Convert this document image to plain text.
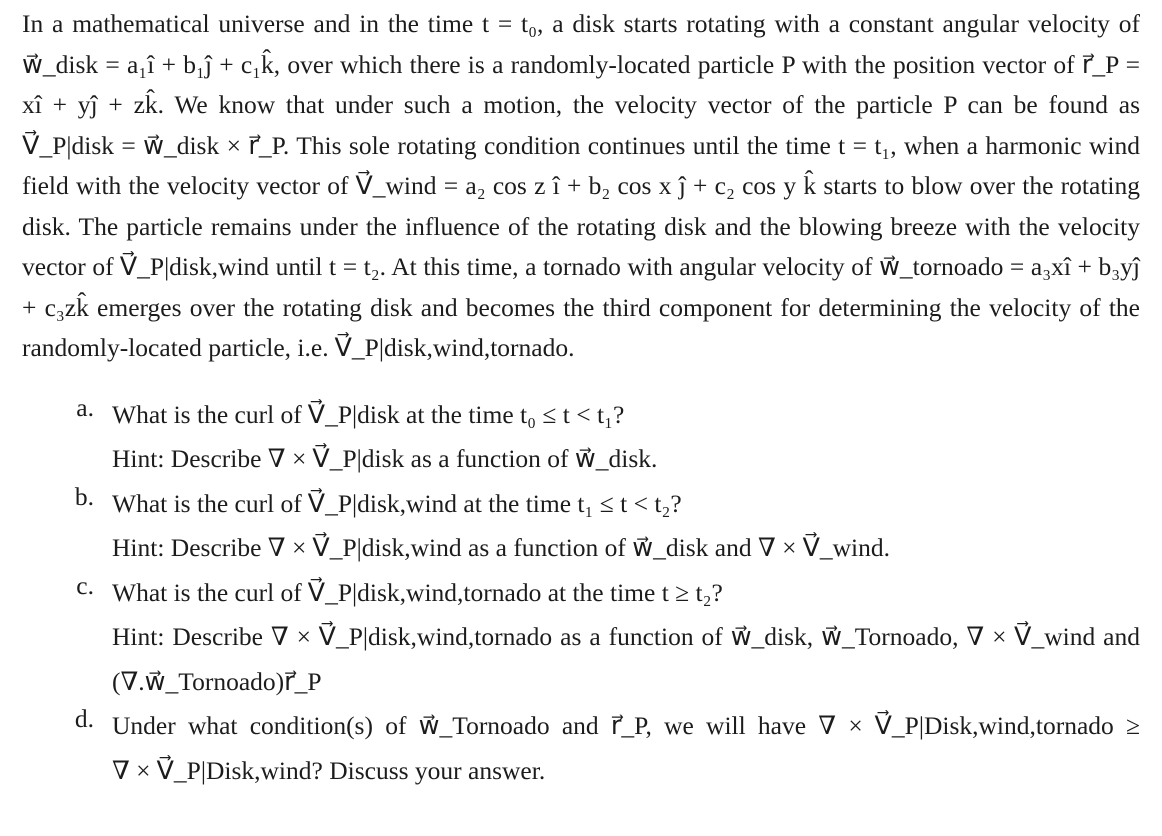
In a mathematical universe and in the time t = t₀, a disk starts rotating with a constant angular velocity of w⃗_disk = a₁î + b₁ĵ + c₁k̂, over which there is a randomly-located particle P with the position vector of r⃗_P = xî + yĵ + zk̂. We know that under such a motion, the velocity vector of the particle P can be found as V⃗_P|disk = w⃗_disk × r⃗_P. This sole rotating condition continues until the time t = t₁, when a harmonic wind field with the velocity vector of V⃗_wind = a₂ cos z î + b₂ cos x ĵ + c₂ cos y k̂ starts to blow over the rotating disk. The particle remains under the influence of the rotating disk and the blowing breeze with the velocity vector of V⃗_P|disk,wind until t = t₂. At this time, a tornado with angular velocity of w⃗_tornoado = a₃xî + b₃yĵ + c₃zk̂ emerges over the rotating disk and becomes the third component for determining the velocity of the randomly-located particle, i.e. V⃗_P|disk,wind,tornado.

a. What is the curl of V⃗_P|disk at the time t₀ ≤ t < t₁?

Hint: Describe ∇ × V⃗_P|disk as a function of w⃗_disk.

b. What is the curl of V⃗_P|disk,wind at the time t₁ ≤ t < t₂?

Hint: Describe ∇ × V⃗_P|disk,wind as a function of w⃗_disk and ∇ × V⃗_wind.

c. What is the curl of V⃗_P|disk,wind,tornado at the time t ≥ t₂?

Hint: Describe ∇ × V⃗_P|disk,wind,tornado as a function of w⃗_disk, w⃗_Tornoado, ∇ × V⃗_wind and

(∇.w⃗_Tornoado)r⃗_P

d. Under what condition(s) of w⃗_Tornoado and r⃗_P, we will have ∇ × V⃗_P|Disk,wind,tornado ≥

∇ × V⃗_P|Disk,wind? Discuss your answer.
